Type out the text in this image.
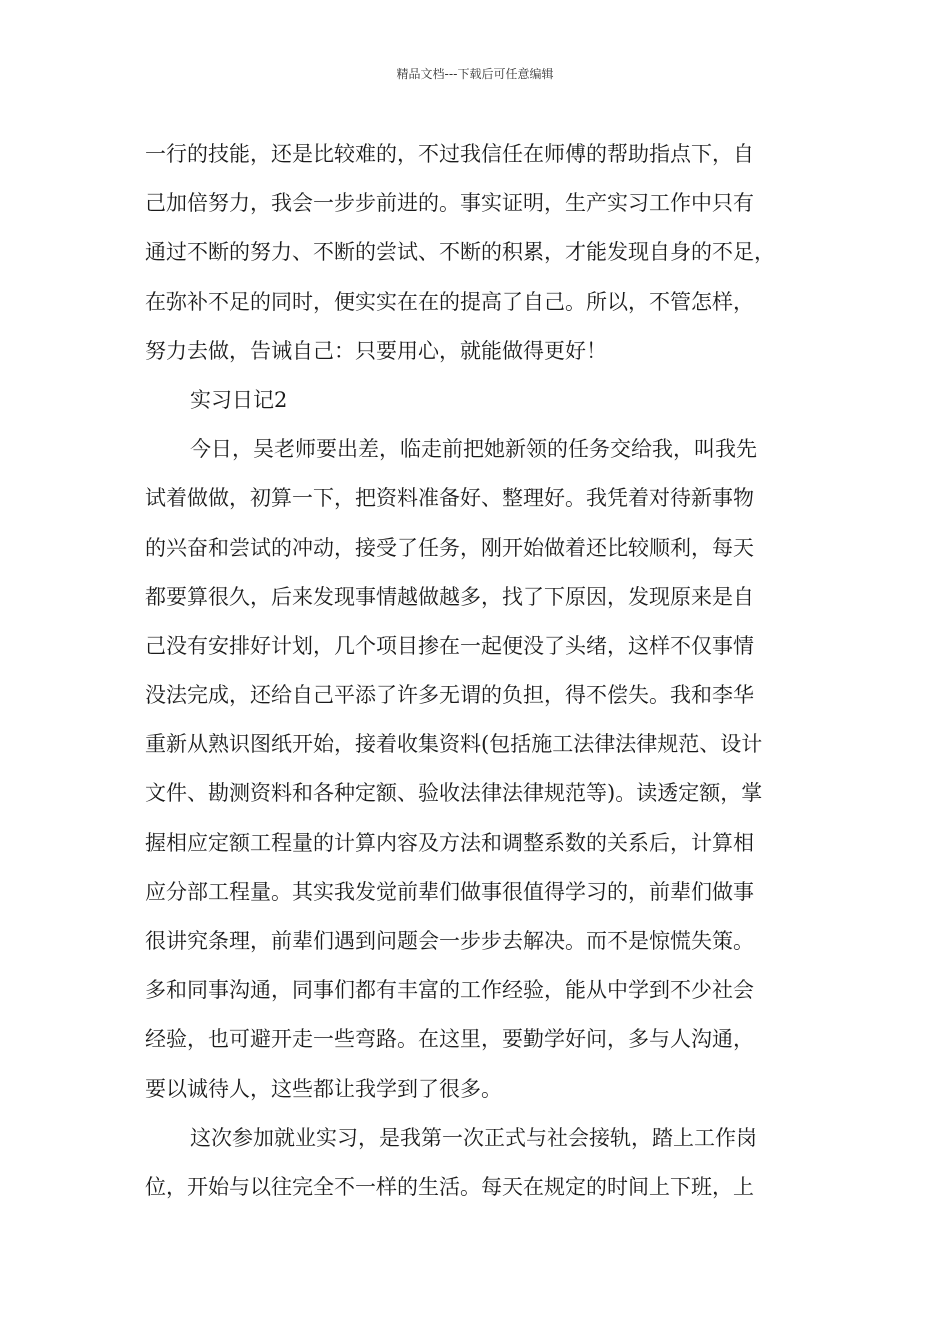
精品文档---下载后可任意编辑
一行的技能，还是比较难的，不过我信任在师傅的帮助指点下，自
己加倍努力，我会一步步前进的。事实证明，生产实习工作中只有
通过不断的努力、不断的尝试、不断的积累，才能发现自身的不足，
在弥补不足的同时，便实实在在的提高了自己。所以，不管怎样，
努力去做，告诫自己：只要用心，就能做得更好！
实习日记2
今日，吴老师要出差，临走前把她新领的任务交给我，叫我先
试着做做，初算一下，把资料准备好、整理好。我凭着对待新事物
的兴奋和尝试的冲动，接受了任务，刚开始做着还比较顺利，每天
都要算很久，后来发现事情越做越多，找了下原因，发现原来是自
己没有安排好计划，几个项目掺在一起便没了头绪，这样不仅事情
没法完成，还给自己平添了许多无谓的负担，得不偿失。我和李华
重新从熟识图纸开始，接着收集资料(包括施工法律法律规范、设计
文件、勘测资料和各种定额、验收法律法律规范等)。读透定额，掌
握相应定额工程量的计算内容及方法和调整系数的关系后，计算相
应分部工程量。其实我发觉前辈们做事很值得学习的，前辈们做事
很讲究条理，前辈们遇到问题会一步步去解决。而不是惊慌失策。
多和同事沟通，同事们都有丰富的工作经验，能从中学到不少社会
经验，也可避开走一些弯路。在这里，要勤学好问，多与人沟通，
要以诚待人，这些都让我学到了很多。
这次参加就业实习，是我第一次正式与社会接轨，踏上工作岗
位，开始与以往完全不一样的生活。每天在规定的时间上下班，上
